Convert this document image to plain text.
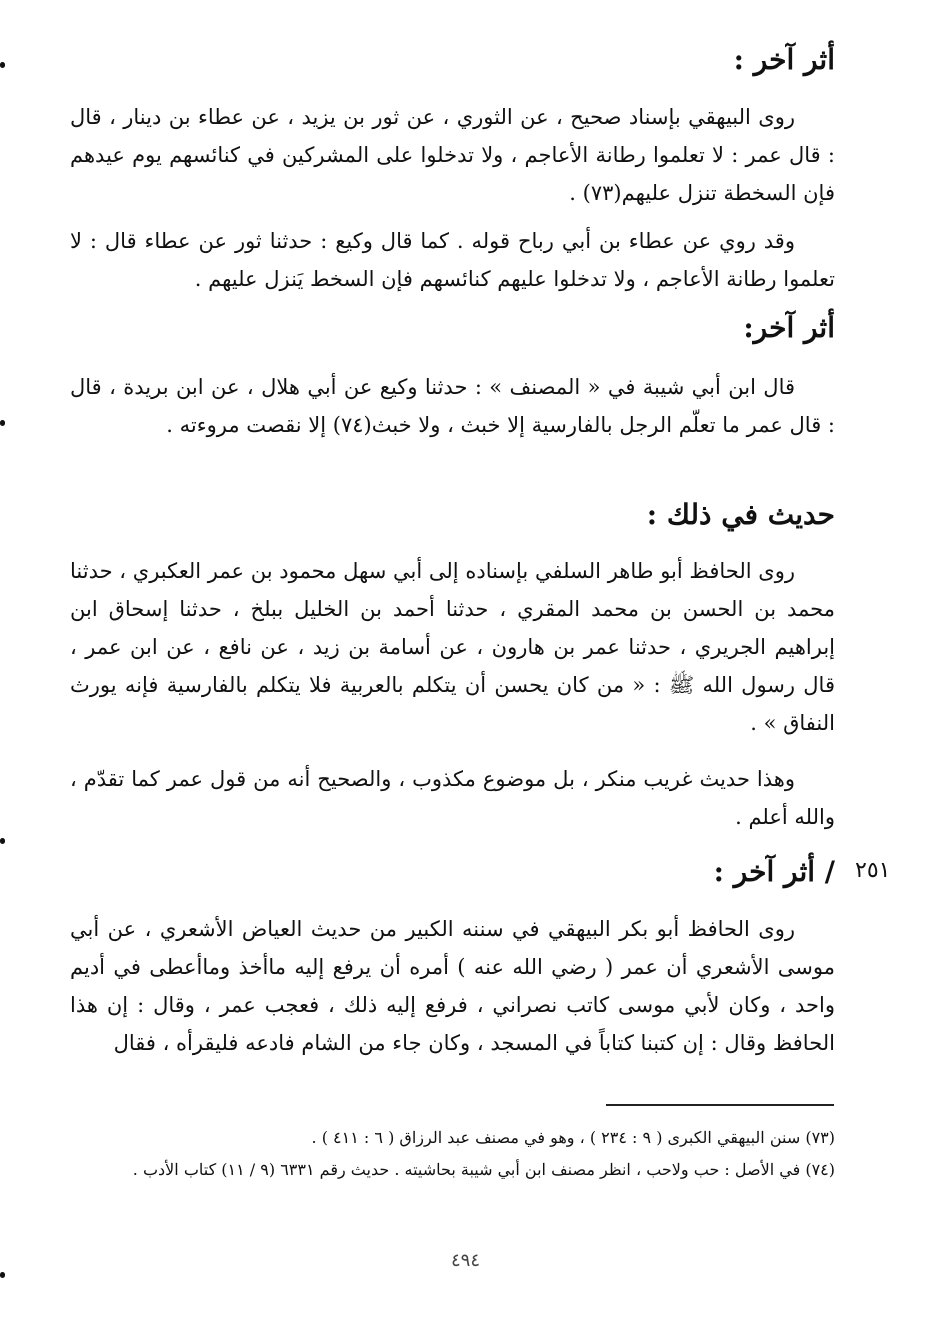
أثر آخر :
روى البيهقي بإسناد صحيح ، عن الثوري ، عن ثور بن يزيد ، عن عطاء بن دينار ، قال : قال عمر : لا تعلموا رطانة الأعاجم ، ولا تدخلوا على المشركين في كنائسهم يوم عيدهم فإن السخطة تنزل عليهم(٧٣) .
وقد روي عن عطاء بن أبي رباح قوله . كما قال وكيع : حدثنا ثور عن عطاء قال : لا تعلموا رطانة الأعاجم ، ولا تدخلوا عليهم كنائسهم فإن السخط يَنزل عليهم .
أثر آخر:
قال ابن أبي شيبة في « المصنف » : حدثنا وكيع عن أبي هلال ، عن ابن بريدة ، قال : قال عمر ما تعلّم الرجل بالفارسية إلا خبث ، ولا خبث(٧٤) إلا نقصت مروءته .
حديث في ذلك :
روى الحافظ أبو طاهر السلفي بإسناده إلى أبي سهل محمود بن عمر العكبري ، حدثنا محمد بن الحسن بن محمد المقري ، حدثنا أحمد بن الخليل ببلخ ، حدثنا إسحاق ابن إبراهيم الجريري ، حدثنا عمر بن هارون ، عن أسامة بن زيد ، عن نافع ، عن ابن عمر ، قال رسول الله ﷺ : « من كان يحسن أن يتكلم بالعربية فلا يتكلم بالفارسية فإنه يورث النفاق » .
وهذا حديث غريب منكر ، بل موضوع مكذوب ، والصحيح أنه من قول عمر كما تقدّم ، والله أعلم .
/ أثر آخر :
روى الحافظ أبو بكر البيهقي في سننه الكبير من حديث العياض الأشعري ، عن أبي موسى الأشعري أن عمر ( رضي الله عنه ) أمره أن يرفع إليه ماأخذ وماأعطى في أديم واحد ، وكان لأبي موسى كاتب نصراني ، فرفع إليه ذلك ، فعجب عمر ، وقال : إن هذا الحافظ وقال : إن كتبنا كتاباً في المسجد ، وكان جاء من الشام فادعه فليقرأه ، فقال
٢٥١
(٧٣) سنن البيهقي الكبرى ( ٩ : ٢٣٤ ) ، وهو في مصنف عبد الرزاق ( ٦ : ٤١١ ) .
(٧٤) في الأصل : حب ولاحب ، انظر مصنف ابن أبي شيبة بحاشيته . حديث رقم ٦٣٣١ (٩ / ١١) كتاب الأدب .
٤٩٤
